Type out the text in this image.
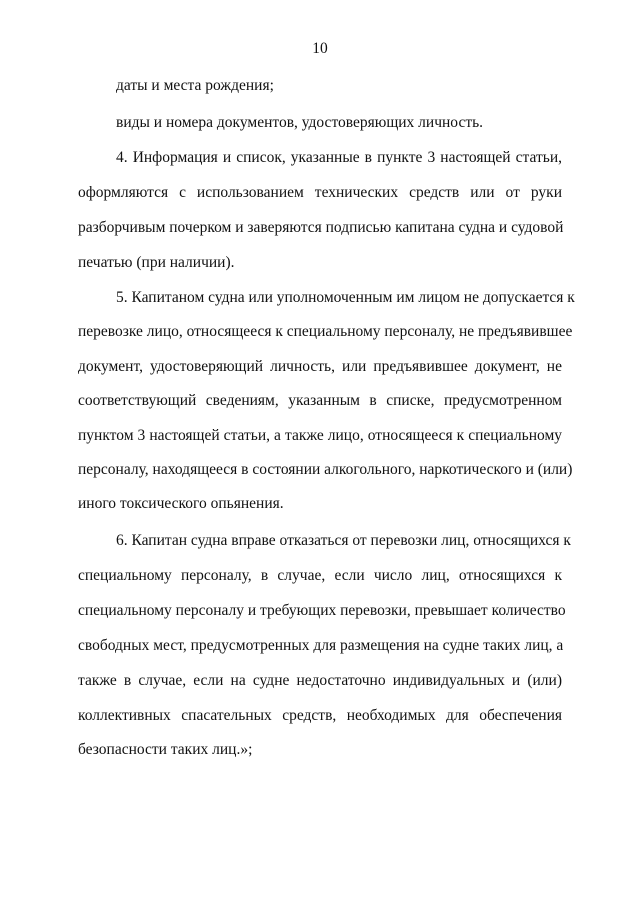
10
даты и места рождения;
виды и номера документов, удостоверяющих личность.
4. Информация и список, указанные в пункте 3 настоящей статьи,
оформляются с использованием технических средств или от руки
разборчивым почерком и заверяются подписью капитана судна и судовой
печатью (при наличии).
5. Капитаном судна или уполномоченным им лицом не допускается к
перевозке лицо, относящееся к специальному персоналу, не предъявившее
документ, удостоверяющий личность, или предъявившее документ, не
соответствующий сведениям, указанным в списке, предусмотренном
пунктом 3 настоящей статьи, а также лицо, относящееся к специальному
персоналу, находящееся в состоянии алкогольного, наркотического и (или)
иного токсического опьянения.
6. Капитан судна вправе отказаться от перевозки лиц, относящихся к
специальному персоналу, в случае, если число лиц, относящихся к
специальному персоналу и требующих перевозки, превышает количество
свободных мест, предусмотренных для размещения на судне таких лиц, а
также в случае, если на судне недостаточно индивидуальных и (или)
коллективных спасательных средств, необходимых для обеспечения
безопасности таких лиц.»;
